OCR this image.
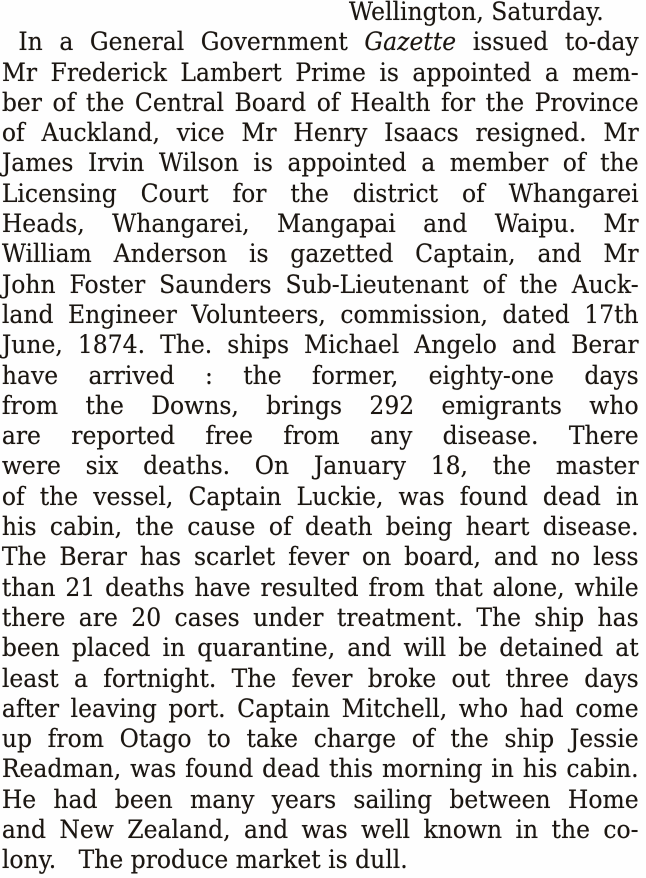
Wellington, Saturday.
In a General Government Gazette issued to-day
Mr Frederick Lambert Prime is appointed a mem-
ber of the Central Board of Health for the Province
of Auckland, vice Mr Henry Isaacs resigned. Mr
James Irvin Wilson is appointed a member of the
Licensing Court for the district of Whangarei
Heads, Whangarei, Mangapai and Waipu. Mr
William Anderson is gazetted Captain, and Mr
John Foster Saunders Sub-Lieutenant of the Auck-
land Engineer Volunteers, commission, dated 17th
June, 1874. The. ships Michael Angelo and Berar
have arrived : the former, eighty-one days
from the Downs, brings 292 emigrants who
are reported free from any disease. There
were six deaths. On January 18, the master
of the vessel, Captain Luckie, was found dead in
his cabin, the cause of death being heart disease.
The Berar has scarlet fever on board, and no less
than 21 deaths have resulted from that alone, while
there are 20 cases under treatment. The ship has
been placed in quarantine, and will be detained at
least a fortnight. The fever broke out three days
after leaving port. Captain Mitchell, who had come
up from Otago to take charge of the ship Jessie
Readman, was found dead this morning in his cabin.
He had been many years sailing between Home
and New Zealand, and was well known in the co-
lony.   The produce market is dull.
